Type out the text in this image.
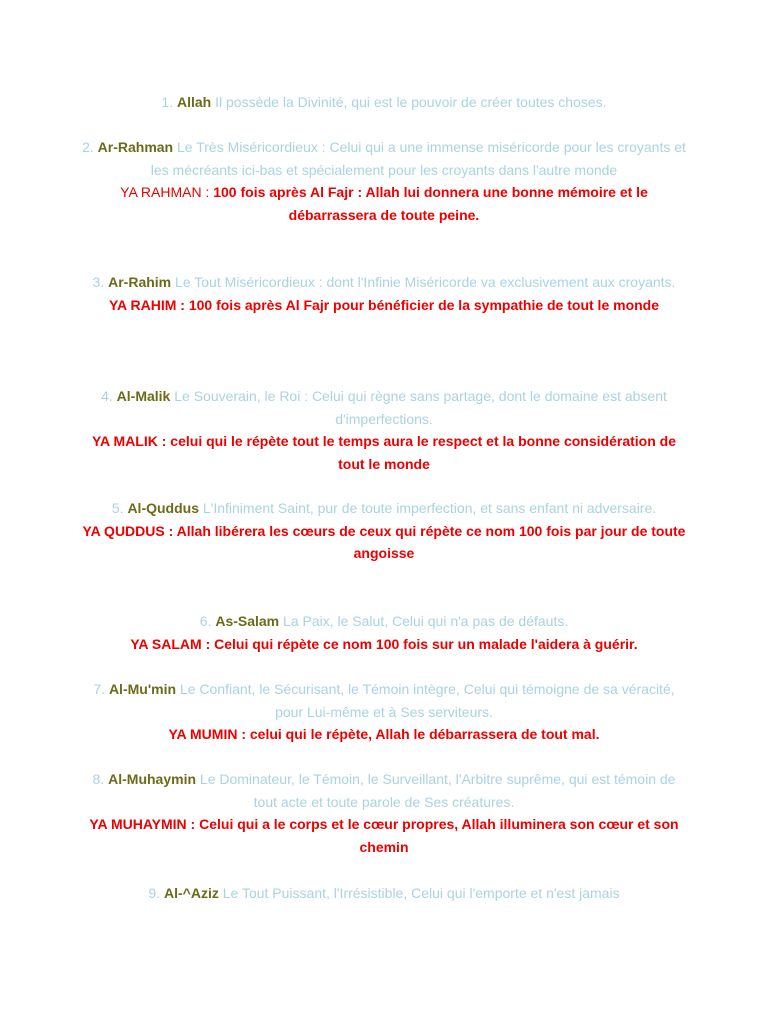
1. Allah Il possède la Divinité, qui est le pouvoir de créer toutes choses.
2. Ar-Rahman Le Très Miséricordieux : Celui qui a une immense miséricorde pour les croyants et les mécréants ici-bas et spécialement pour les croyants dans l'autre monde
YA RAHMAN : 100 fois après Al Fajr : Allah lui donnera une bonne mémoire et le débarrassera de toute peine.
3. Ar-Rahim Le Tout Miséricordieux : dont l'Infinie Miséricorde va exclusivement aux croyants.
YA RAHIM : 100 fois après Al Fajr pour bénéficier de la sympathie de tout le monde
4. Al-Malik Le Souverain, le Roi : Celui qui règne sans partage, dont le domaine est absent d'imperfections.
YA MALIK : celui qui le répète tout le temps aura le respect et la bonne considération de tout le monde
5. Al-Quddus L'Infiniment Saint, pur de toute imperfection, et sans enfant ni adversaire.
YA QUDDUS : Allah libérera les cœurs de ceux qui répète ce nom 100 fois par jour de toute angoisse
6. As-Salam La Paix, le Salut, Celui qui n'a pas de défauts.
YA SALAM : Celui qui répète ce nom 100 fois sur un malade l'aidera à guérir.
7. Al-Mu'min Le Confiant, le Sécurisant, le Témoin intègre, Celui qui témoigne de sa véracité, pour Lui-même et à Ses serviteurs.
YA MUMIN : celui qui le répète, Allah le débarrassera de tout mal.
8. Al-Muhaymin Le Dominateur, le Témoin, le Surveillant, l'Arbitre suprême, qui est témoin de tout acte et toute parole de Ses créatures.
YA MUHAYMIN : Celui qui a le corps et le cœur propres, Allah illuminera son cœur et son chemin
9. Al-^Aziz Le Tout Puissant, l'Irrésistible, Celui qui l'emporte et n'est jamais
